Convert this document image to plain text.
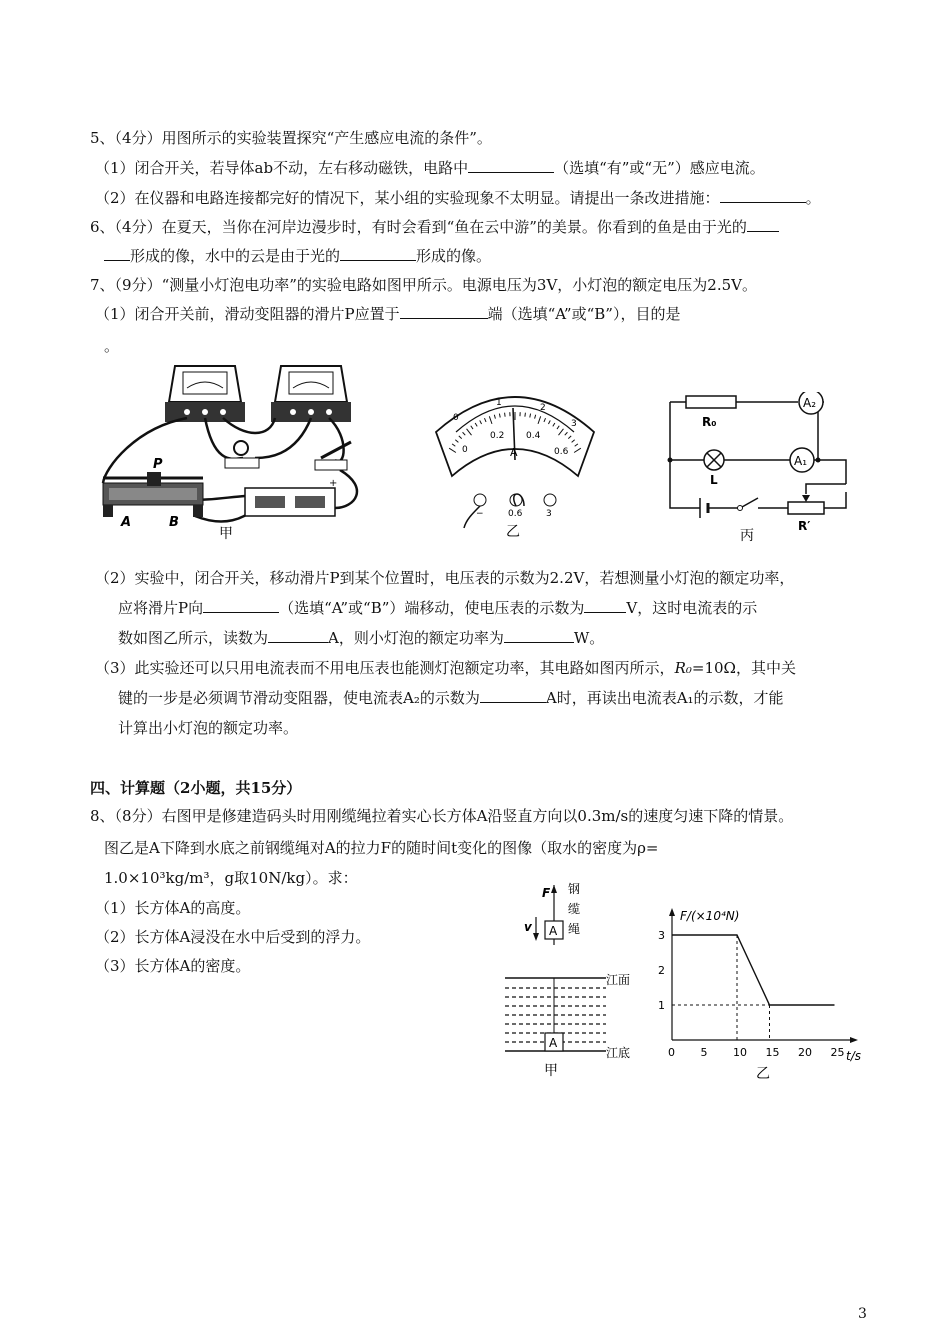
5、（4分）用图所示的实验装置探究“产生感应电流的条件”。
（1）闭合开关，若导体ab不动，左右移动磁铁，电路中	（选填“有”或“无”）感应电流。
（2）在仪器和电路连接都完好的情况下，某小组的实验现象不太明显。请提出一条改进措施：	。
6、（4分）在夏天，当你在河岸边漫步时，有时会看到“鱼在云中游”的美景。你看到的鱼是由于光的
形成的像，水中的云是由于光的	形成的像。
7、（9分）“测量小灯泡电功率”的实验电路如图甲所示。电源电压为3V，小灯泡的额定电压为2.5V。
（1）闭合开关前，滑动变阻器的滑片P应置于	端（选填“A”或“B”），目的是
。
+
P
A	B
甲
0
1	2
3
0
0.2 0.4
0.6
A
−	0.6	3
乙
A₂
R₀
L
A₁
R′
丙
（2）实验中，闭合开关，移动滑片P到某个位置时，电压表的示数为2.2V，若想测量小灯泡的额定功率，
应将滑片P向	（选填“A”或“B”）端移动，使电压表的示数为	V，这时电流表的示
数如图乙所示，读数为	A，则小灯泡的额定功率为	W。
（3）此实验还可以只用电流表而不用电压表也能测灯泡额定功率，其电路如图丙所示，R₀=10Ω，其中关
键的一步是必须调节滑动变阻器，使电流表A₂的示数为	A时，再读出电流表A₁的示数，才能
计算出小灯泡的额定功率。
四、计算题（2小题，共15分）
8、（8分）右图甲是修建造码头时用刚缆绳拉着实心长方体A沿竖直方向以0.3m/s的速度匀速下降的情景。
图乙是A下降到水底之前钢缆绳对A的拉力F的随时间t变化的图像（取水的密度为ρ=
1.0×10³kg/m³，g取10N/kg）。求：
（1）长方体A的高度。
（2）长方体A浸没在水中后受到的浮力。
（3）长方体A的密度。
F
v A
钢
缆
绳
A
江面
江底
甲
F/(×10⁴N)
t/s
0 5 10 15 20 25
1
2
3
乙
3
